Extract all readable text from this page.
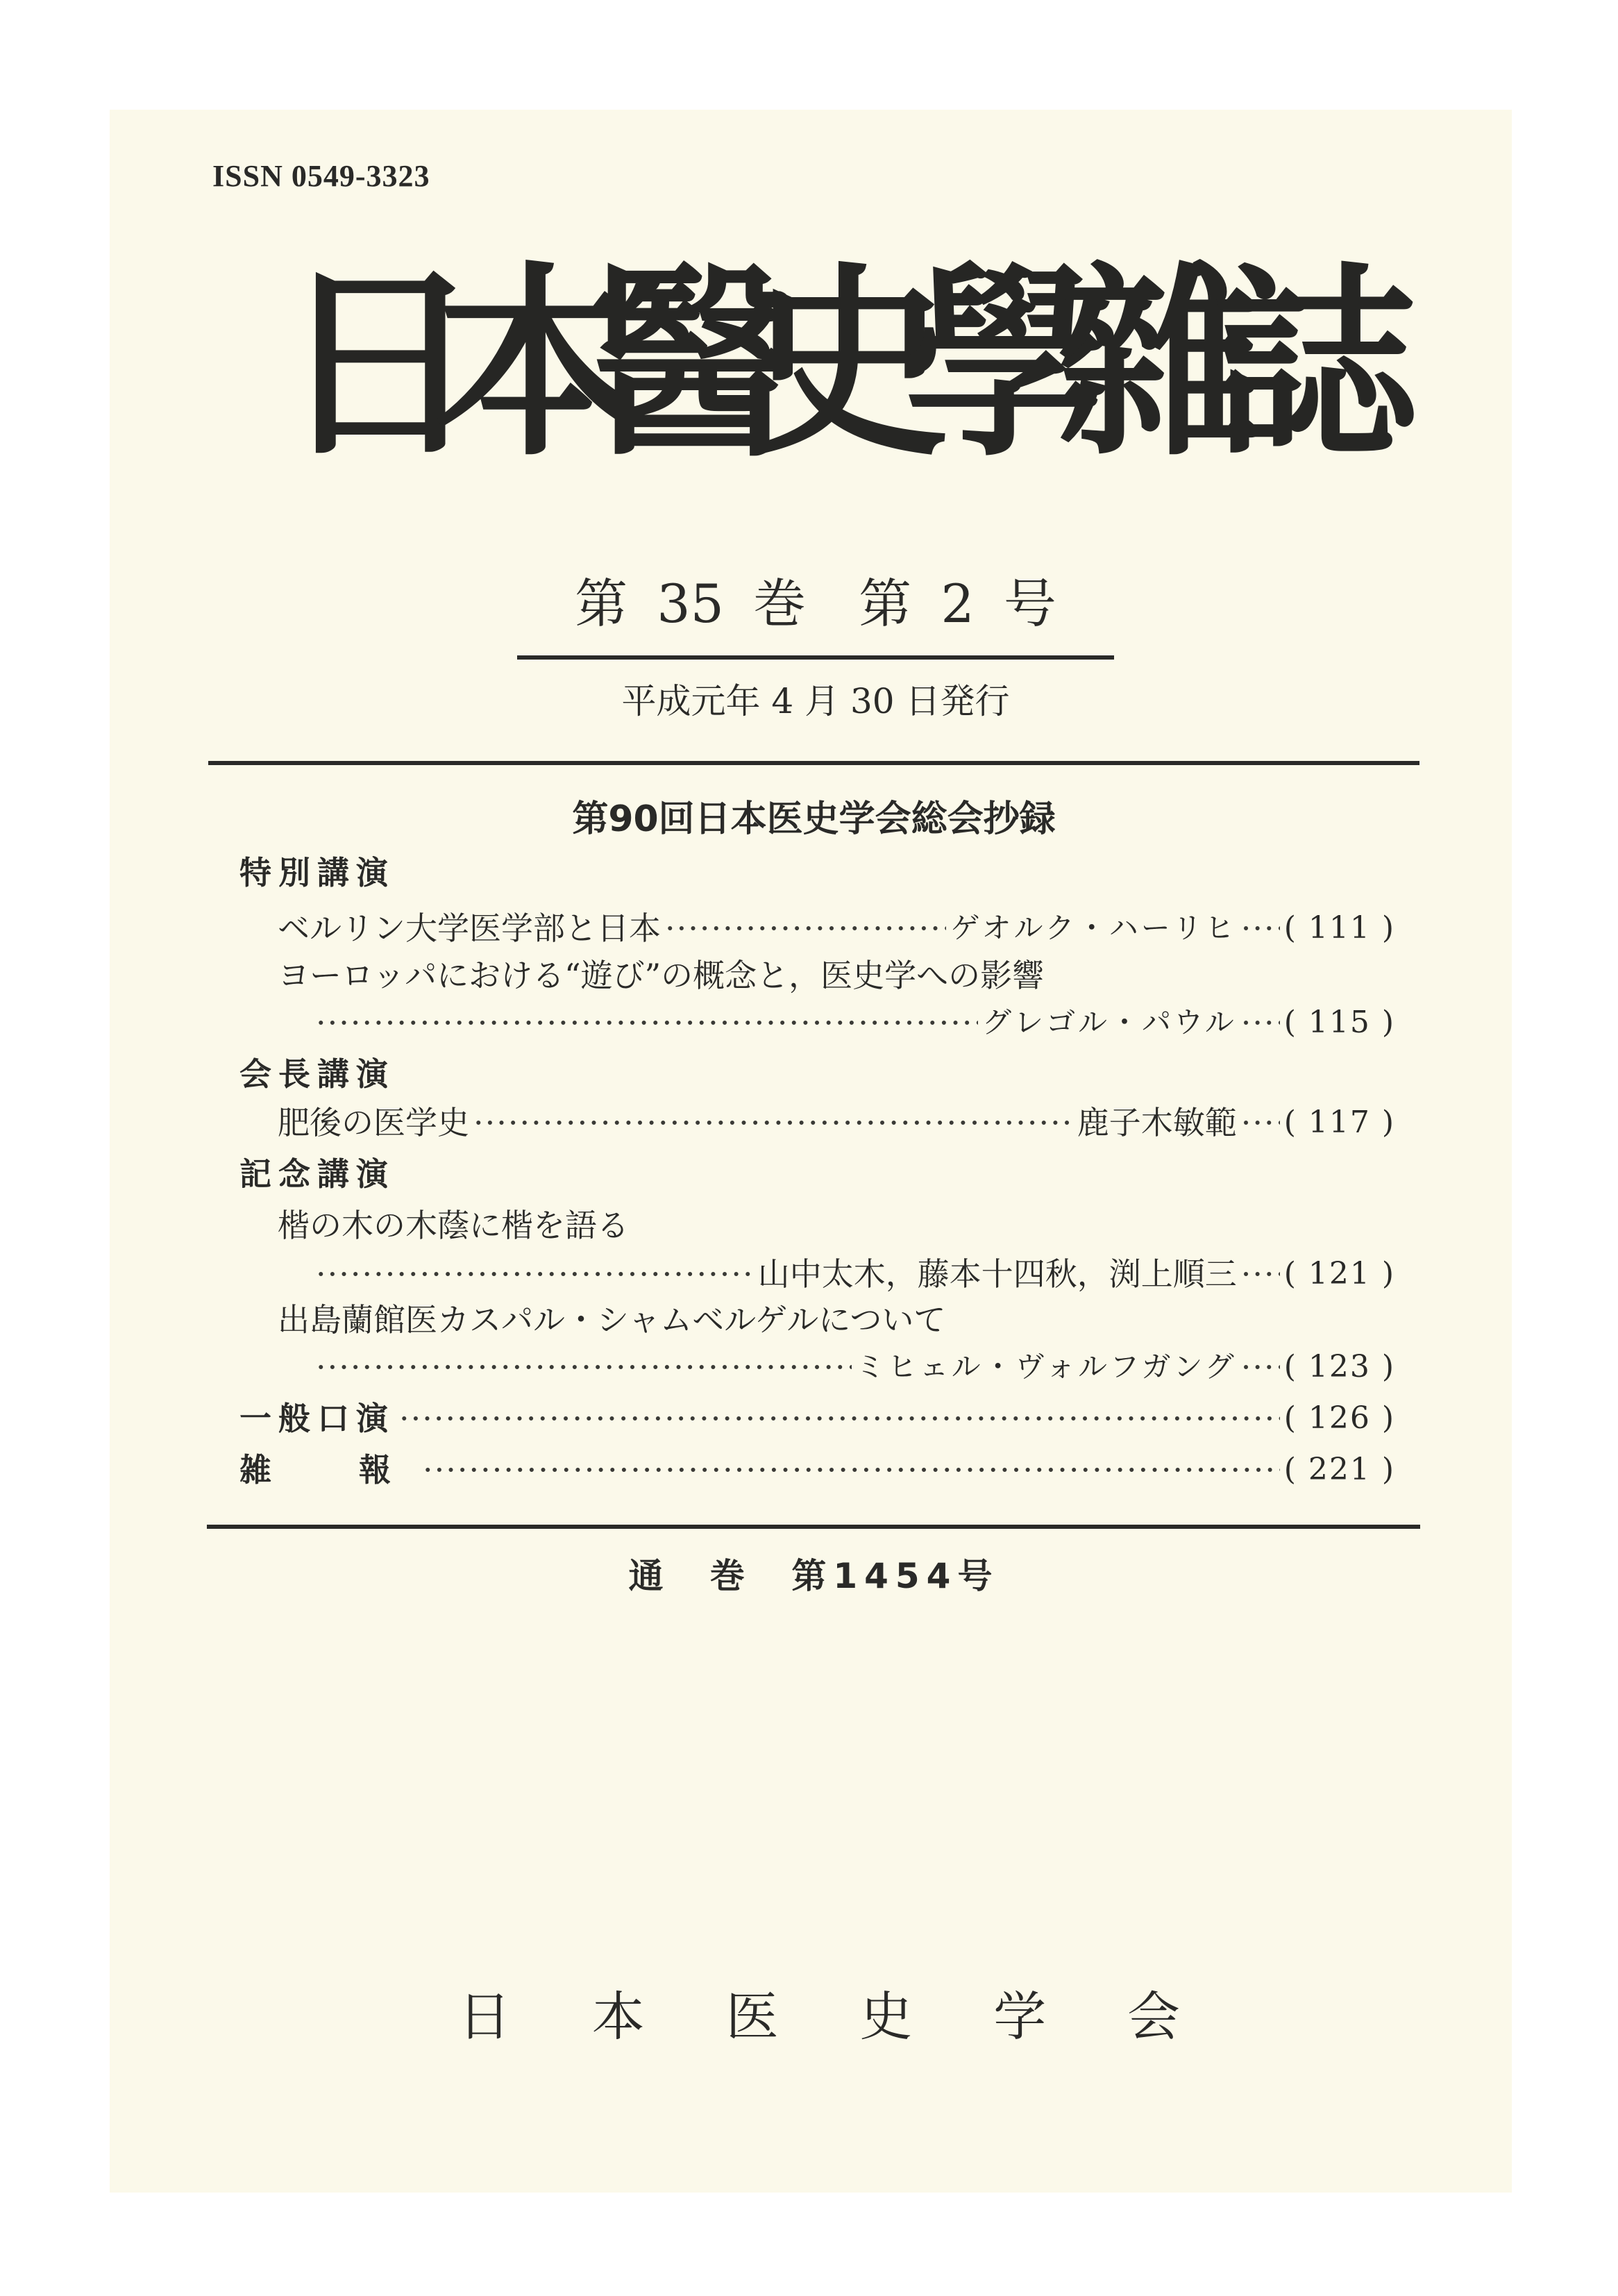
ISSN 0549-3323
日
本
醫
史
學
雜
誌
第 35 巻　第 2 号
平成元年 4 月 30 日発行
第90回日本医史学会総会抄録
特別講演
ベルリン大学医学部と日本 ·····	ゲオルク・ハーリヒ ····· ( 111 )
ヨーロッパにおける“遊び”の概念と，医史学への影響
·····
グレゴル・パウル ····· ( 115 )
会長講演
肥後の医学史 ·····	鹿子木敏範 ····· ( 117 )
記念講演
楷の木の木蔭に楷を語る
·····
山中太木，藤本十四秋，渕上順三 ····· ( 121 )
出島蘭館医カスパル・シャムベルゲルについて
·····
ミヒェル・ヴォルフガング ····· ( 123 )
一般口演 ·····	( 126 )
雑　報 ·····	( 221 )
通 巻 第1454号
日 本 医 史 学 会
